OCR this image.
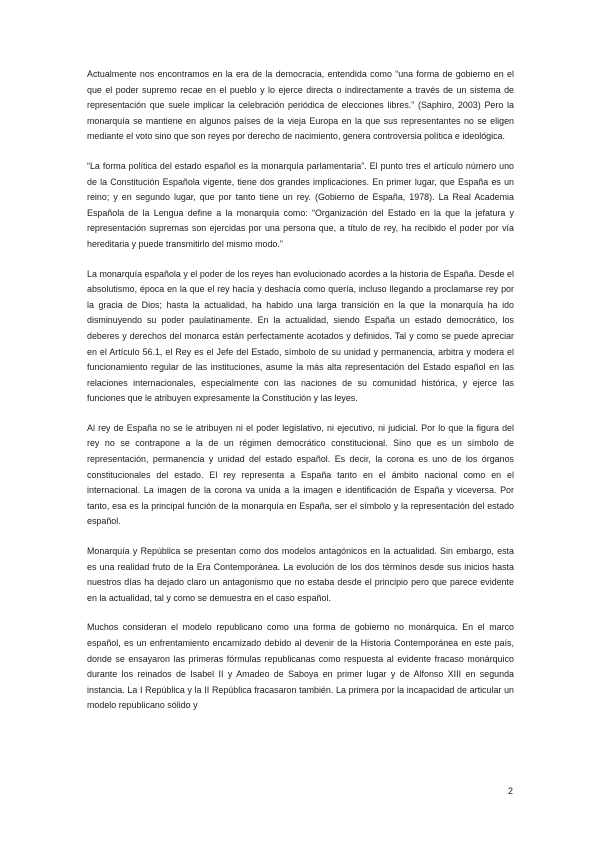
Actualmente nos encontramos en la era de la democracia, entendida como “una forma de gobierno en el que el poder supremo recae en el pueblo y lo ejerce directa o indirectamente a través de un sistema de representación que suele implicar la celebración periódica de elecciones libres.” (Saphiro, 2003) Pero la monarquía se mantiene en algunos países de la vieja Europa en la que sus representantes no se eligen mediante el voto sino que son reyes por derecho de nacimiento, genera controversia política e ideológica.

“La forma política del estado español es la monarquía parlamentaria”. El punto tres el artículo número uno de la Constitución Española vigente, tiene dos grandes implicaciones. En primer lugar, que España es un reino; y en segundo lugar, que por tanto tiene un rey. (Gobierno de España, 1978). La Real Academia Española de la Lengua define a la monarquía como: “Organización del Estado en la que la jefatura y representación supremas son ejercidas por una persona que, a título de rey, ha recibido el poder por vía hereditaria y puede transmitirlo del mismo modo.”

La monarquía española y el poder de los reyes han evolucionado acordes a la historia de España. Desde el absolutismo, época en la que el rey hacía y deshacía como quería, incluso llegando a proclamarse rey por la gracia de Dios; hasta la actualidad, ha habido una larga transición en la que la monarquía ha ido disminuyendo su poder paulatinamente. En la actualidad, siendo España un estado democrático, los deberes y derechos del monarca están perfectamente acotados y definidos. Tal y como se puede apreciar en el Artículo 56.1, el Rey es el Jefe del Estado, símbolo de su unidad y permanencia, arbitra y modera el funcionamiento regular de las instituciones, asume la más alta representación del Estado español en las relaciones internacionales, especialmente con las naciones de su comunidad histórica, y ejerce las funciones que le atribuyen expresamente la Constitución y las leyes.

Al rey de España no se le atribuyen ni el poder legislativo, ni ejecutivo, ni judicial. Por lo que la figura del rey no se contrapone a la de un régimen democrático constitucional. Sino que es un símbolo de representación, permanencia y unidad del estado español. Es decir, la corona es uno de los órganos constitucionales del estado. El rey representa a España tanto en el ámbito nacional como en el internacional. La imagen de la corona va unida a la imagen e identificación de España y viceversa. Por tanto, esa es la principal función de la monarquía en España, ser el símbolo y la representación del estado español.

Monarquía y República se presentan como dos modelos antagónicos en la actualidad. Sin embargo, esta es una realidad fruto de la Era Contemporánea. La evolución de los dos términos desde sus inicios hasta nuestros días ha dejado claro un antagonismo que no estaba desde el principio pero que parece evidente en la actualidad, tal y como se demuestra en el caso español.

Muchos consideran el modelo republicano como una forma de gobierno no monárquica. En el marco español, es un enfrentamiento encarnizado debido al devenir de la Historia Contemporánea en este país, donde se ensayaron las primeras fórmulas republicanas como respuesta al evidente fracaso monárquico durante los reinados de Isabel II y Amadeo de Saboya en primer lugar y de Alfonso XIII en segunda instancia. La I República y la II República fracasaron también. La primera por la incapacidad de articular un modelo republicano sólido y

2
